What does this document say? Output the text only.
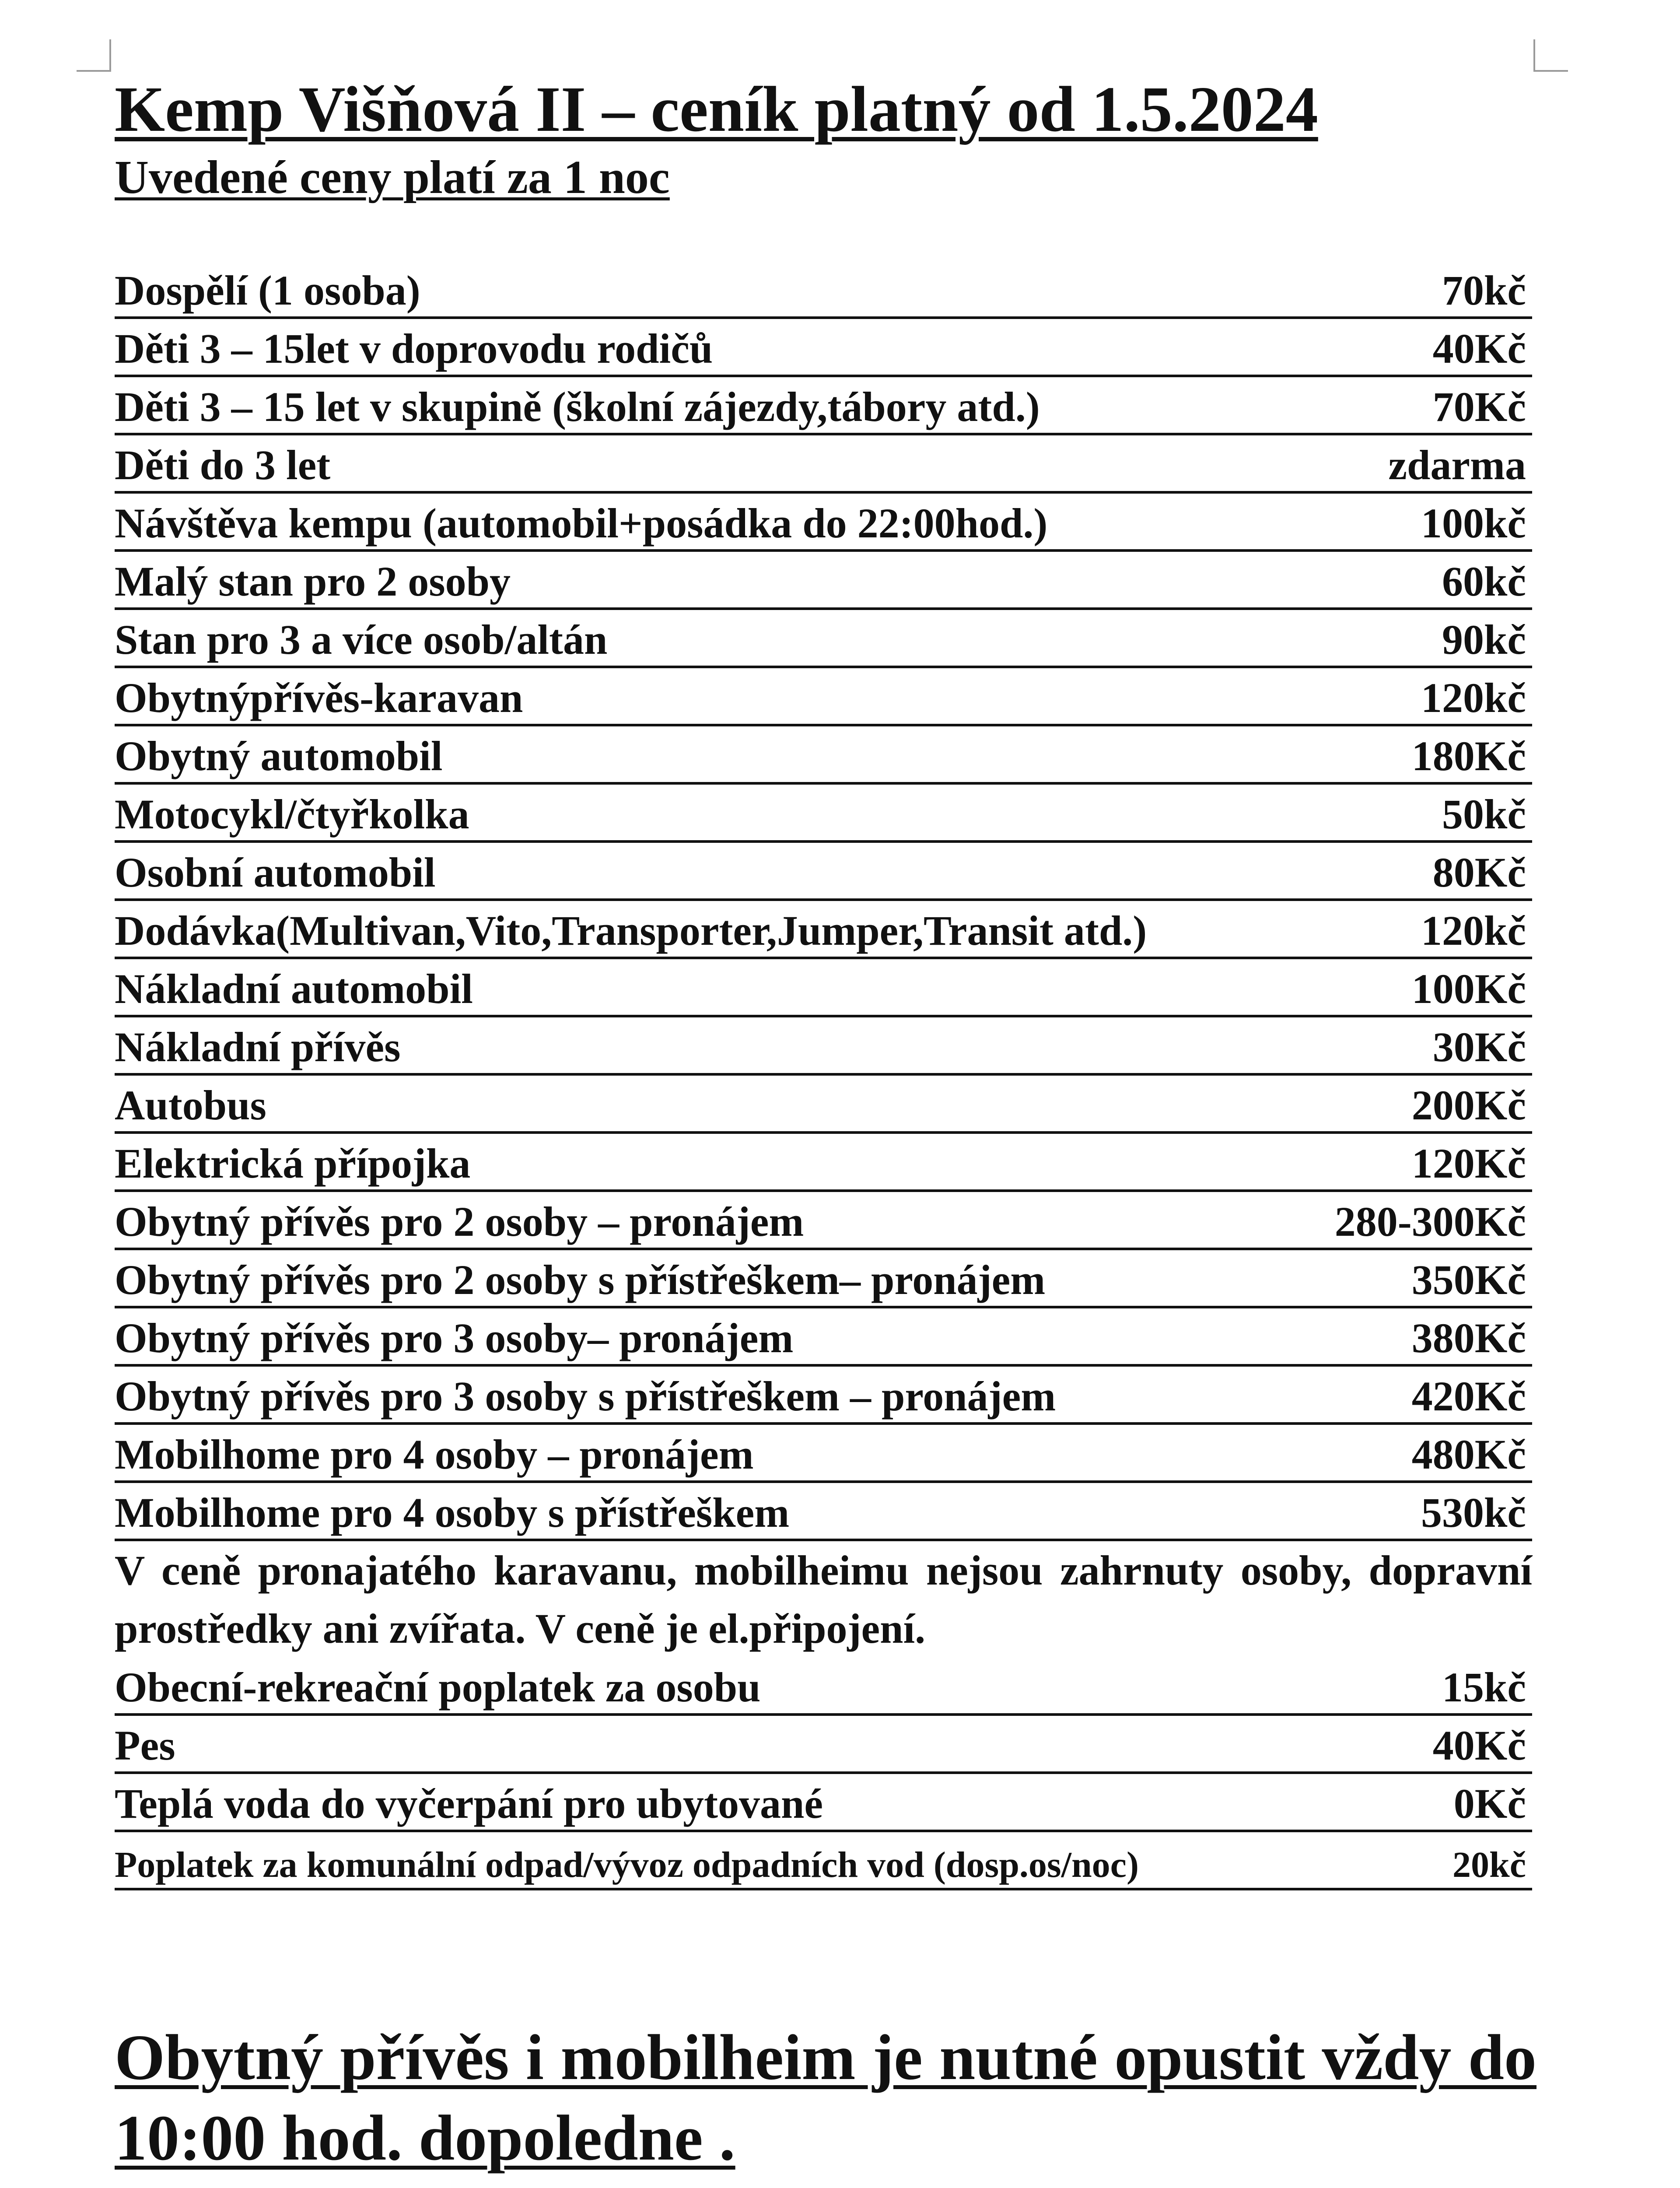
Kemp Višňová II – ceník platný od 1.5.2024
Uvedené ceny platí za 1 noc
Dospělí (1 osoba)	70kč
Děti 3 – 15let v doprovodu rodičů	40Kč
Děti 3 – 15 let v skupině (školní zájezdy,tábory atd.)	70Kč
Děti do 3 let	zdarma
Návštěva kempu (automobil+posádka do 22:00hod.)	100kč
Malý stan pro 2 osoby	60kč
Stan pro 3 a více osob/altán	90kč
Obytnýpřívěs-karavan	120kč
Obytný automobil	180Kč
Motocykl/čtyřkolka	50kč
Osobní automobil	80Kč
Dodávka(Multivan,Vito,Transporter,Jumper,Transit atd.)	120kč
Nákladní automobil	100Kč
Nákladní přívěs	30Kč
Autobus	200Kč
Elektrická přípojka	120Kč
Obytný přívěs pro 2 osoby – pronájem	280-300Kč
Obytný přívěs pro 2 osoby s přístřeškem– pronájem	350Kč
Obytný přívěs pro 3 osoby– pronájem	380Kč
Obytný přívěs pro 3 osoby s přístřeškem – pronájem	420Kč
Mobilhome pro 4 osoby – pronájem	480Kč
Mobilhome pro 4 osoby s přístřeškem	530kč
V ceně pronajatého karavanu, mobilheimu nejsou zahrnuty osoby, dopravní prostředky ani zvířata. V ceně je el.připojení.
Obecní-rekreační poplatek za osobu	15kč
Pes	40Kč
Teplá voda do vyčerpání pro ubytované	0Kč
Poplatek za komunální odpad/vývoz odpadních vod (dosp.os/noc)	20kč
Obytný přívěs i mobilheim je nutné opustit vždy do 10:00 hod. dopoledne .
